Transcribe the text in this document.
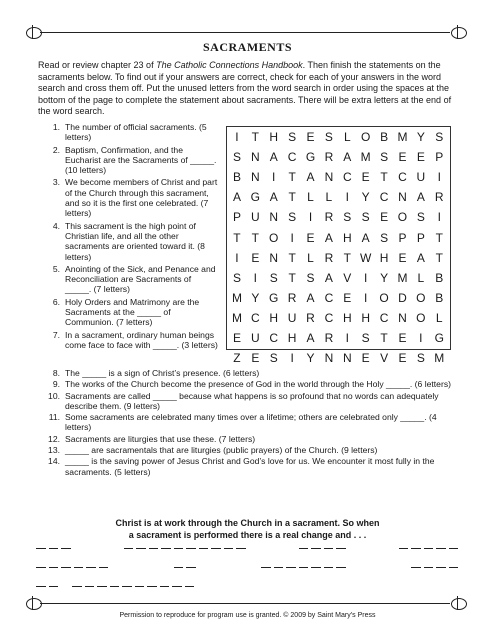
SACRAMENTS
Read or review chapter 23 of The Catholic Connections Handbook. Then finish the statements on the sacraments below. To find out if your answers are correct, check for each of your answers in the word search and cross them off. Put the unused letters from the word search in order using the spaces at the bottom of the page to complete the statement about sacraments. There will be extra letters at the end of the word search.
1. The number of official sacraments. (5 letters)
2. Baptism, Confirmation, and the Eucharist are the Sacraments of _____. (10 letters)
3. We become members of Christ and part of the Church through this sacrament, and so it is the first one celebrated. (7 letters)
4. This sacrament is the high point of Christian life, and all the other sacraments are oriented toward it. (8 letters)
5. Anointing of the Sick, and Penance and Reconciliation are Sacraments of _____. (7 letters)
6. Holy Orders and Matrimony are the Sacraments at the _____ of Communion. (7 letters)
7. In a sacrament, ordinary human beings come face to face with _____. (3 letters)
I	T H S E S L O B M Y S
S N A C G R A M S E E P
B N I	T A N C E T C U I
A G A T L L	I	Y C N A R
P U N S	I R S S E O S	I
T T O I	E A H A S P P T
I	E N T L R T W H E A T
S	I	S T S A V	I	Y M L B
M Y G R A C E	I O D O B
M C H U R C H H C N O L
E U C H A R I	S T E	I G
Z E S	I	Y N N E V E S M
8. The _____ is a sign of Christ’s presence. (6 letters)
9. The works of the Church become the presence of God in the world through the Holy _____. (6 letters)
10. Sacraments are called _____ because what happens is so profound that no words can adequately describe them. (9 letters)
11. Some sacraments are celebrated many times over a lifetime; others are celebrated only _____. (4 letters)
12. Sacraments are liturgies that use these. (7 letters)
13. _____ are sacramentals that are liturgies (public prayers) of the Church. (9 letters)
14. _____ is the saving power of Jesus Christ and God’s love for us. We encounter it most fully in the sacraments. (5 letters)
Christ is at work through the Church in a sacrament. So when
a sacrament is performed there is a real change and . . .
Permission to reproduce for program use is granted. © 2009 by Saint Mary’s Press
